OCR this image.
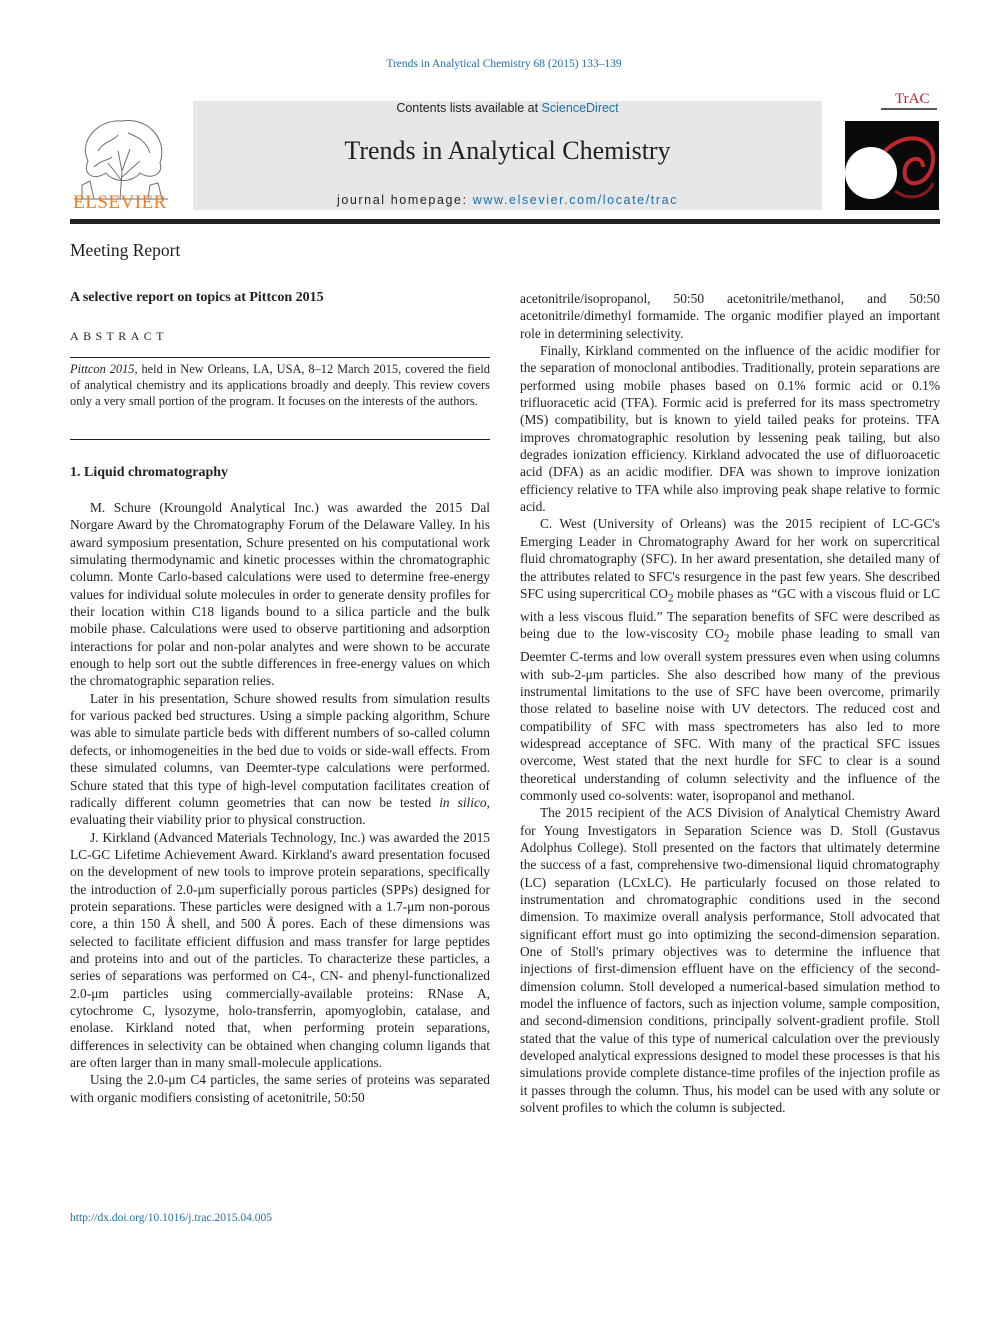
Trends in Analytical Chemistry 68 (2015) 133–139
Contents lists available at ScienceDirect
Trends in Analytical Chemistry
journal homepage: www.elsevier.com/locate/trac
ELSEVIER
TrAC
Meeting Report
A selective report on topics at Pittcon 2015
ABSTRACT
Pittcon 2015, held in New Orleans, LA, USA, 8–12 March 2015, covered the field of analytical chemistry and its applications broadly and deeply. This review covers only a very small portion of the program. It focuses on the interests of the authors.
1. Liquid chromatography

M. Schure (Kroungold Analytical Inc.) was awarded the 2015 Dal Norgare Award by the Chromatography Forum of the Delaware Valley. In his award symposium presentation, Schure presented on his computational work simulating thermodynamic and kinetic processes within the chromatographic column. Monte Carlo-based calculations were used to determine free-energy values for individual solute molecules in order to generate density profiles for their location within C18 ligands bound to a silica particle and the bulk mobile phase. Calculations were used to observe partitioning and adsorption interactions for polar and non-polar analytes and were shown to be accurate enough to help sort out the subtle differences in free-energy values on which the chromatographic separation relies.

Later in his presentation, Schure showed results from simulation results for various packed bed structures. Using a simple packing algorithm, Schure was able to simulate particle beds with different numbers of so-called column defects, or inhomogeneities in the bed due to voids or side-wall effects. From these simulated columns, van Deemter-type calculations were performed. Schure stated that this type of high-level computation facilitates creation of radically different column geometries that can now be tested in silico, evaluating their viability prior to physical construction.

J. Kirkland (Advanced Materials Technology, Inc.) was awarded the 2015 LC-GC Lifetime Achievement Award. Kirkland's award presentation focused on the development of new tools to improve protein separations, specifically the introduction of 2.0-μm superficially porous particles (SPPs) designed for protein separations. These particles were designed with a 1.7-μm non-porous core, a thin 150 Å shell, and 500 Å pores. Each of these dimensions was selected to facilitate efficient diffusion and mass transfer for large peptides and proteins into and out of the particles. To characterize these particles, a series of separations was performed on C4-, CN- and phenyl-functionalized 2.0-μm particles using commercially-available proteins: RNase A, cytochrome C, lysozyme, holo-transferrin, apomyoglobin, catalase, and enolase. Kirkland noted that, when performing protein separations, differences in selectivity can be obtained when changing column ligands that are often larger than in many small-molecule applications.

Using the 2.0-μm C4 particles, the same series of proteins was separated with organic modifiers consisting of acetonitrile, 50:50

acetonitrile/isopropanol, 50:50 acetonitrile/methanol, and 50:50 acetonitrile/dimethyl formamide. The organic modifier played an important role in determining selectivity.

Finally, Kirkland commented on the influence of the acidic modifier for the separation of monoclonal antibodies. Traditionally, protein separations are performed using mobile phases based on 0.1% formic acid or 0.1% trifluoracetic acid (TFA). Formic acid is preferred for its mass spectrometry (MS) compatibility, but is known to yield tailed peaks for proteins. TFA improves chromatographic resolution by lessening peak tailing, but also degrades ionization efficiency. Kirkland advocated the use of difluoroacetic acid (DFA) as an acidic modifier. DFA was shown to improve ionization efficiency relative to TFA while also improving peak shape relative to formic acid.

C. West (University of Orleans) was the 2015 recipient of LC-GC's Emerging Leader in Chromatography Award for her work on supercritical fluid chromatography (SFC). In her award presentation, she detailed many of the attributes related to SFC's resurgence in the past few years. She described SFC using supercritical $CO_2$ mobile phases as “GC with a viscous fluid or LC with a less viscous fluid.” The separation benefits of SFC were described as being due to the low-viscosity $CO_2$ mobile phase leading to small van Deemter C-terms and low overall system pressures even when using columns with sub-2-μm particles. She also described how many of the previous instrumental limitations to the use of SFC have been overcome, primarily those related to baseline noise with UV detectors. The reduced cost and compatibility of SFC with mass spectrometers has also led to more widespread acceptance of SFC. With many of the practical SFC issues overcome, West stated that the next hurdle for SFC to clear is a sound theoretical understanding of column selectivity and the influence of the commonly used co-solvents: water, isopropanol and methanol.

The 2015 recipient of the ACS Division of Analytical Chemistry Award for Young Investigators in Separation Science was D. Stoll (Gustavus Adolphus College). Stoll presented on the factors that ultimately determine the success of a fast, comprehensive two-dimensional liquid chromatography (LC) separation (LCxLC). He particularly focused on those related to instrumentation and chromatographic conditions used in the second dimension. To maximize overall analysis performance, Stoll advocated that significant effort must go into optimizing the second-dimension separation. One of Stoll's primary objectives was to determine the influence that injections of first-dimension effluent have on the efficiency of the second-dimension column. Stoll developed a numerical-based simulation method to model the influence of factors, such as injection volume, sample composition, and second-dimension conditions, principally solvent-gradient profile. Stoll stated that the value of this type of numerical calculation over the previously developed analytical expressions designed to model these processes is that his simulations provide complete distance-time profiles of the injection profile as it passes through the column. Thus, his model can be used with any solute or solvent profiles to which the column is subjected.

http://dx.doi.org/10.1016/j.trac.2015.04.005
